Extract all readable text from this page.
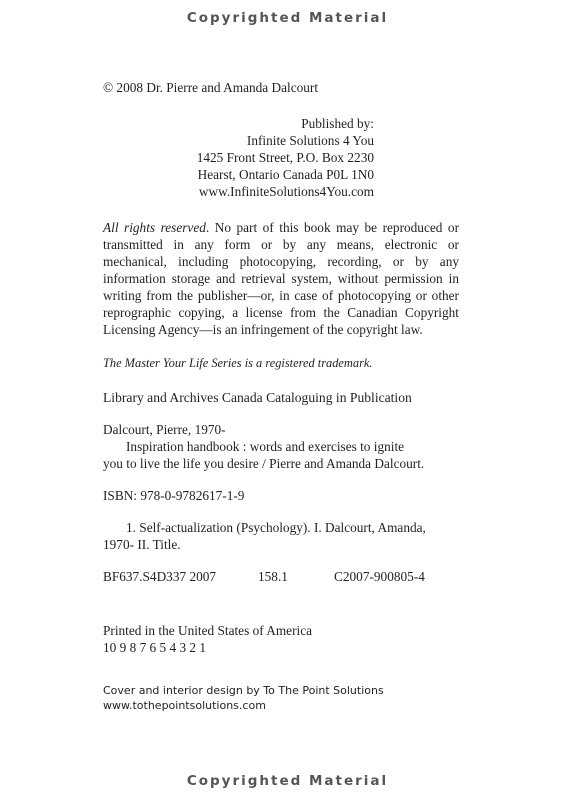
Copyrighted Material

© 2008 Dr. Pierre and Amanda Dalcourt

Published by:
Infinite Solutions 4 You
1425 Front Street, P.O. Box 2230
Hearst, Ontario Canada P0L 1N0
www.InfiniteSolutions4You.com

All rights reserved. No part of this book may be reproduced or transmitted in any form or by any means, electronic or mechanical, including photocopying, recording, or by any information storage and retrieval system, without permission in writing from the publisher—or, in case of photocopying or other reprographic copying, a license from the Canadian Copyright Licensing Agency—is an infringement of the copyright law.

The Master Your Life Series is a registered trademark.
Library and Archives Canada Cataloguing in Publication
Dalcourt, Pierre, 1970-
Inspiration handbook : words and exercises to ignite
you to live the life you desire / Pierre and Amanda Dalcourt.
ISBN: 978-0-9782617-1-9
1. Self-actualization (Psychology). I. Dalcourt, Amanda,
1970- II. Title.
BF637.S4D337 2007	158.1	C2007-900805-4
Printed in the United States of America
10 9 8 7 6 5 4 3 2 1
Cover and interior design by To The Point Solutions
www.tothepointsolutions.com
Copyrighted Material
